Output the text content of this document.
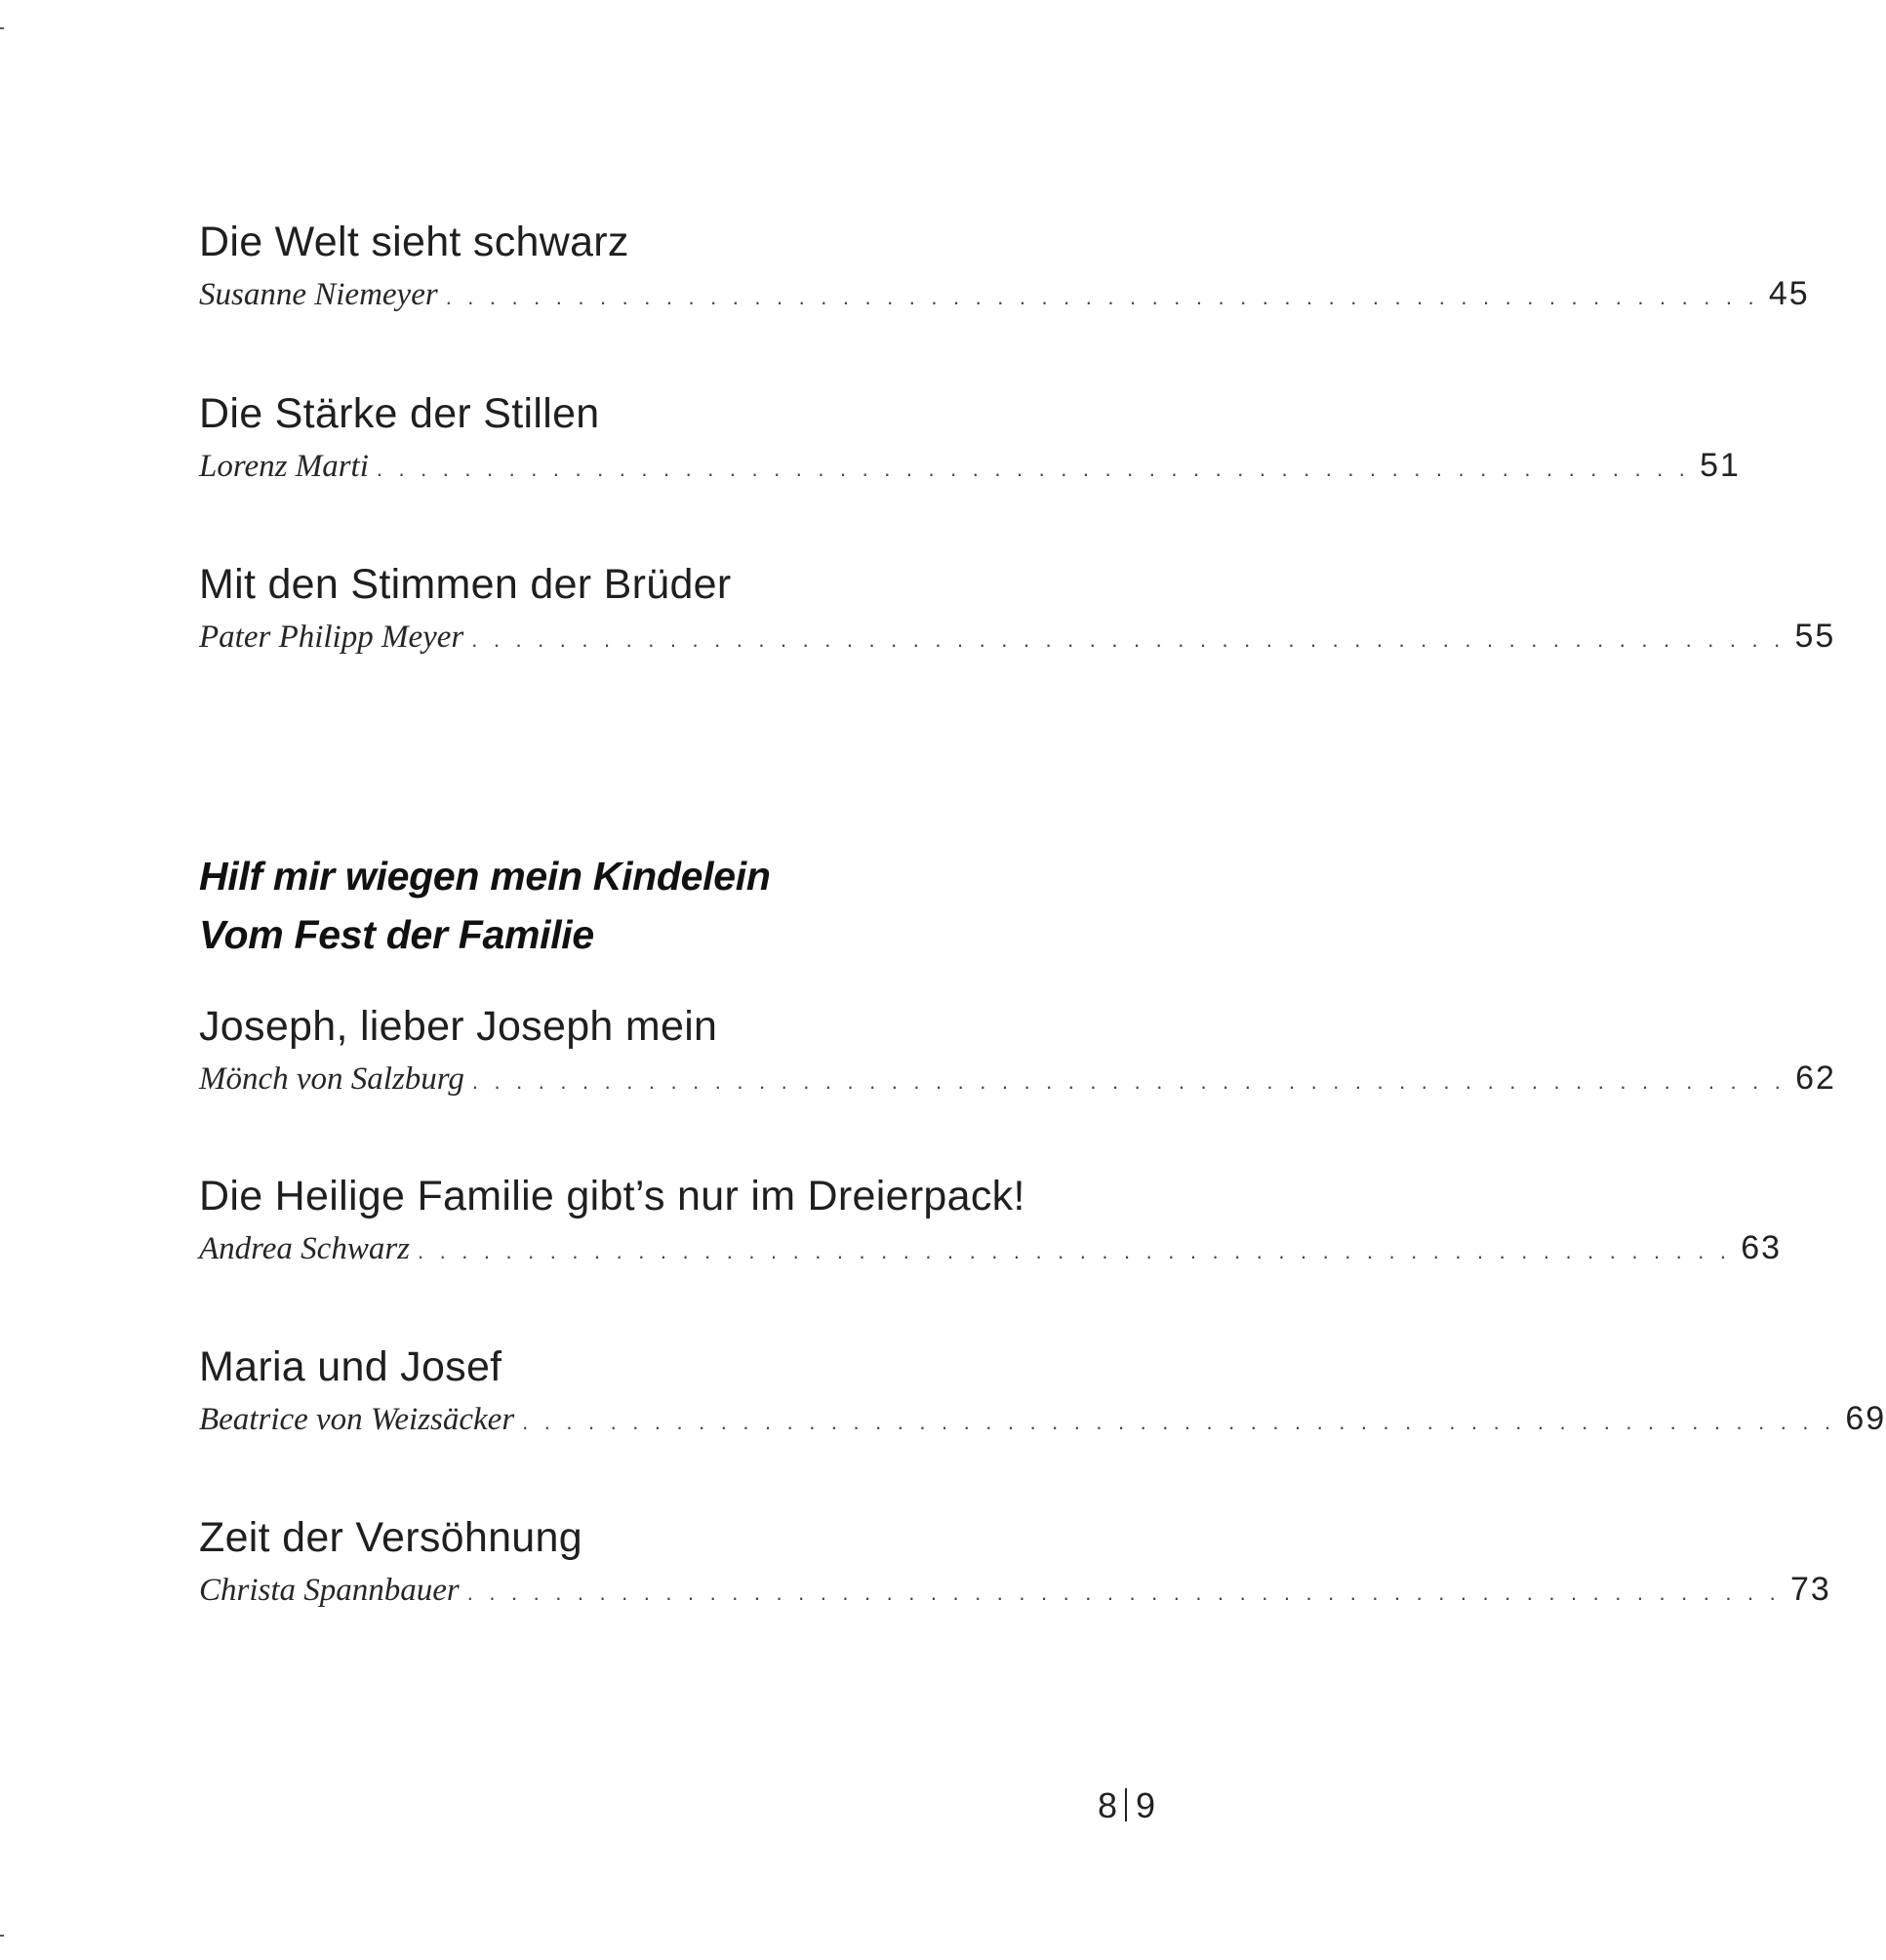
Die Welt sieht schwarz
Susanne Niemeyer . . . . . . . . . . . . . . . . . . . . . . . . . . . . . . . . . . . . . . . . . . . . . . . . . . . . . . . . . . . . 45
Die Stärke der Stillen
Lorenz Marti . . . . . . . . . . . . . . . . . . . . . . . . . . . . . . . . . . . . . . . . . . . . . . . . . . . . . . . . . . . . 51
Mit den Stimmen der Brüder
Pater Philipp Meyer . . . . . . . . . . . . . . . . . . . . . . . . . . . . . . . . . . . . . . . . . . . . . . . . . . . . . . . . . . . . 55
Hilf mir wiegen mein Kindelein
Vom Fest der Familie
Joseph, lieber Joseph mein
Mönch von Salzburg . . . . . . . . . . . . . . . . . . . . . . . . . . . . . . . . . . . . . . . . . . . . . . . . . . . . . . . . . . . . 62
Die Heilige Familie gibt’s nur im Dreierpack!
Andrea Schwarz . . . . . . . . . . . . . . . . . . . . . . . . . . . . . . . . . . . . . . . . . . . . . . . . . . . . . . . . . . . . 63
Maria und Josef
Beatrice von Weizsäcker . . . . . . . . . . . . . . . . . . . . . . . . . . . . . . . . . . . . . . . . . . . . . . . . . . . . . . . . . . . . 69
Zeit der Versöhnung
Christa Spannbauer . . . . . . . . . . . . . . . . . . . . . . . . . . . . . . . . . . . . . . . . . . . . . . . . . . . . . . . . . . . . 73
8 9
